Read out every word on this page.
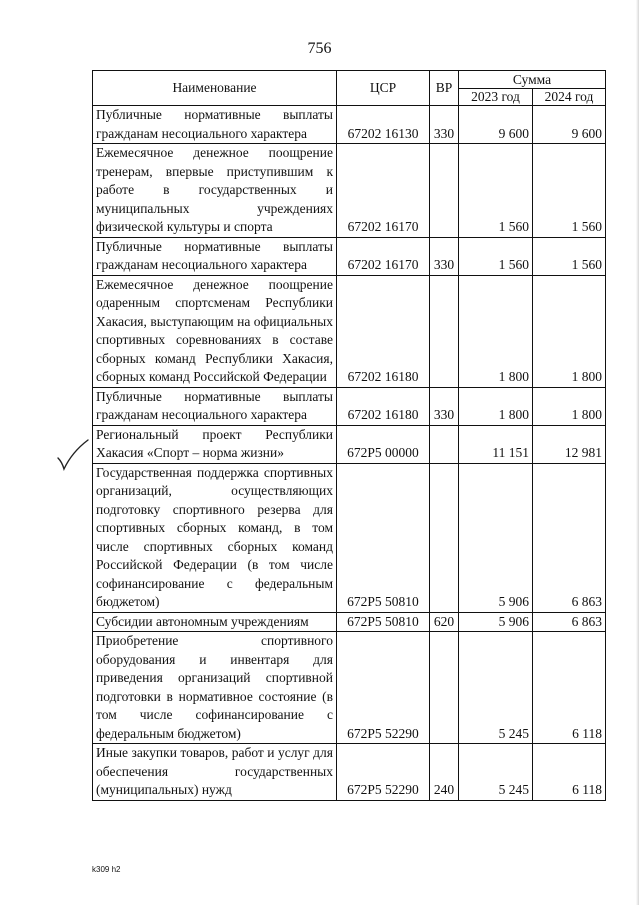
756
Наименование	ЦСР	ВР	Сумма	
			2023 год	2024 год
Публичные нормативные выплаты гражданам несоциального характера	67202 16130	330	9 600	9 600
Ежемесячное денежное поощрение тренерам, впервые приступившим к работе в государственных и муниципальных учреждениях физической культуры и спорта	67202 16170		1 560	1 560
Публичные нормативные выплаты гражданам несоциального характера	67202 16170	330	1 560	1 560
Ежемесячное денежное поощрение одаренным спортсменам Республики Хакасия, выступающим на официальных спортивных соревнованиях в составе сборных команд Республики Хакасия, сборных команд Российской Федерации	67202 16180		1 800	1 800
Публичные нормативные выплаты гражданам несоциального характера	67202 16180	330	1 800	1 800
Региональный проект Республики Хакасия «Спорт – норма жизни»	672Р5 00000		11 151	12 981
Государственная поддержка спортивных организаций, осуществляющих подготовку спортивного резерва для спортивных сборных команд, в том числе спортивных сборных команд Российской Федерации (в том числе софинансирование с федеральным бюджетом)	672Р5 50810		5 906	6 863
Субсидии автономным учреждениям	672Р5 50810	620	5 906	6 863
Приобретение спортивного оборудования и инвентаря для приведения организаций спортивной подготовки в нормативное состояние (в том числе софинансирование с федеральным бюджетом)	672Р5 52290		5 245	6 118
Иные закупки товаров, работ и услуг для обеспечения государственных (муниципальных) нужд	672Р5 52290	240	5 245	6 118
k309 h2
